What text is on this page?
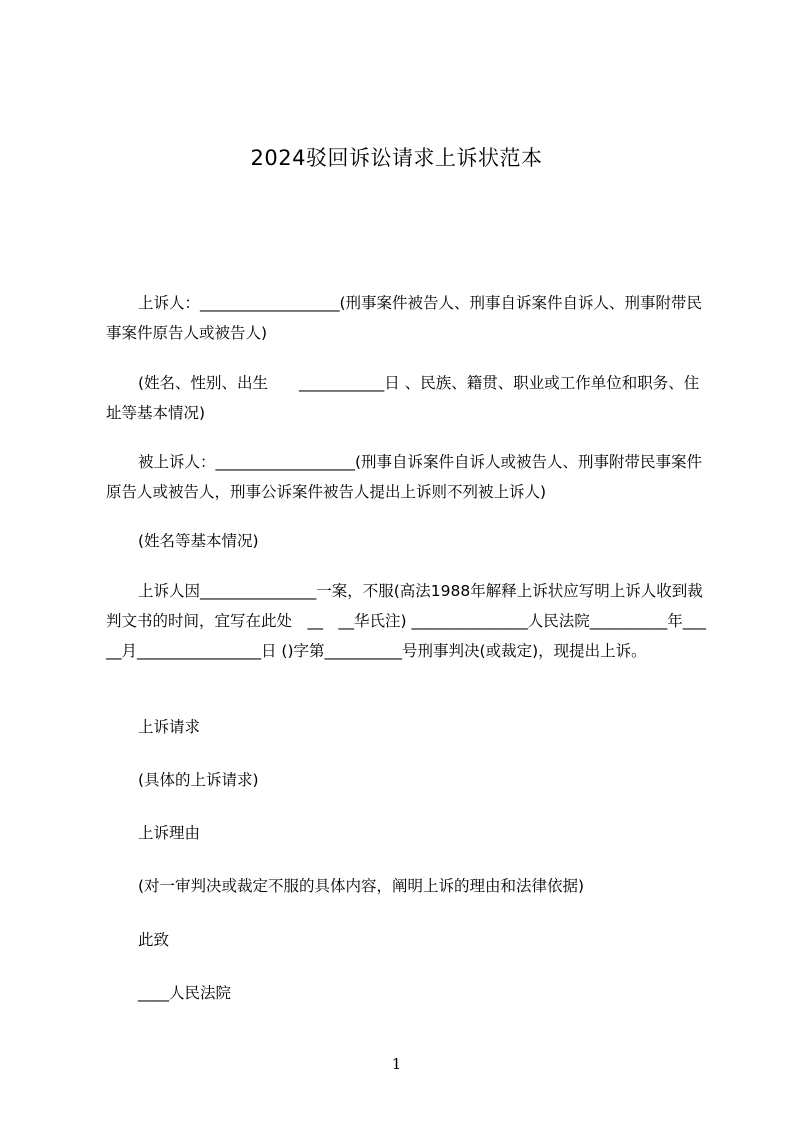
2024驳回诉讼请求上诉状范本

上诉人：__________________(刑事案件被告人、刑事自诉案件自诉人、刑事附带民事案件原告人或被告人)

(姓名、性别、出生　　___________日 、民族、籍贯、职业或工作单位和职务、住址等基本情况)

被上诉人：__________________(刑事自诉案件自诉人或被告人、刑事附带民事案件原告人或被告人，刑事公诉案件被告人提出上诉则不列被上诉人)

(姓名等基本情况)

上诉人因_______________一案，不服(高法1988年解释上诉状应写明上诉人收到裁判文书的时间，宜写在此处　__　__华氏注) _______________人民法院__________年_____月________________日 ()字第__________号刑事判决(或裁定)，现提出上诉。

上诉请求

(具体的上诉请求)

上诉理由

(对一审判决或裁定不服的具体内容，阐明上诉的理由和法律依据)

此致

____人民法院

1
